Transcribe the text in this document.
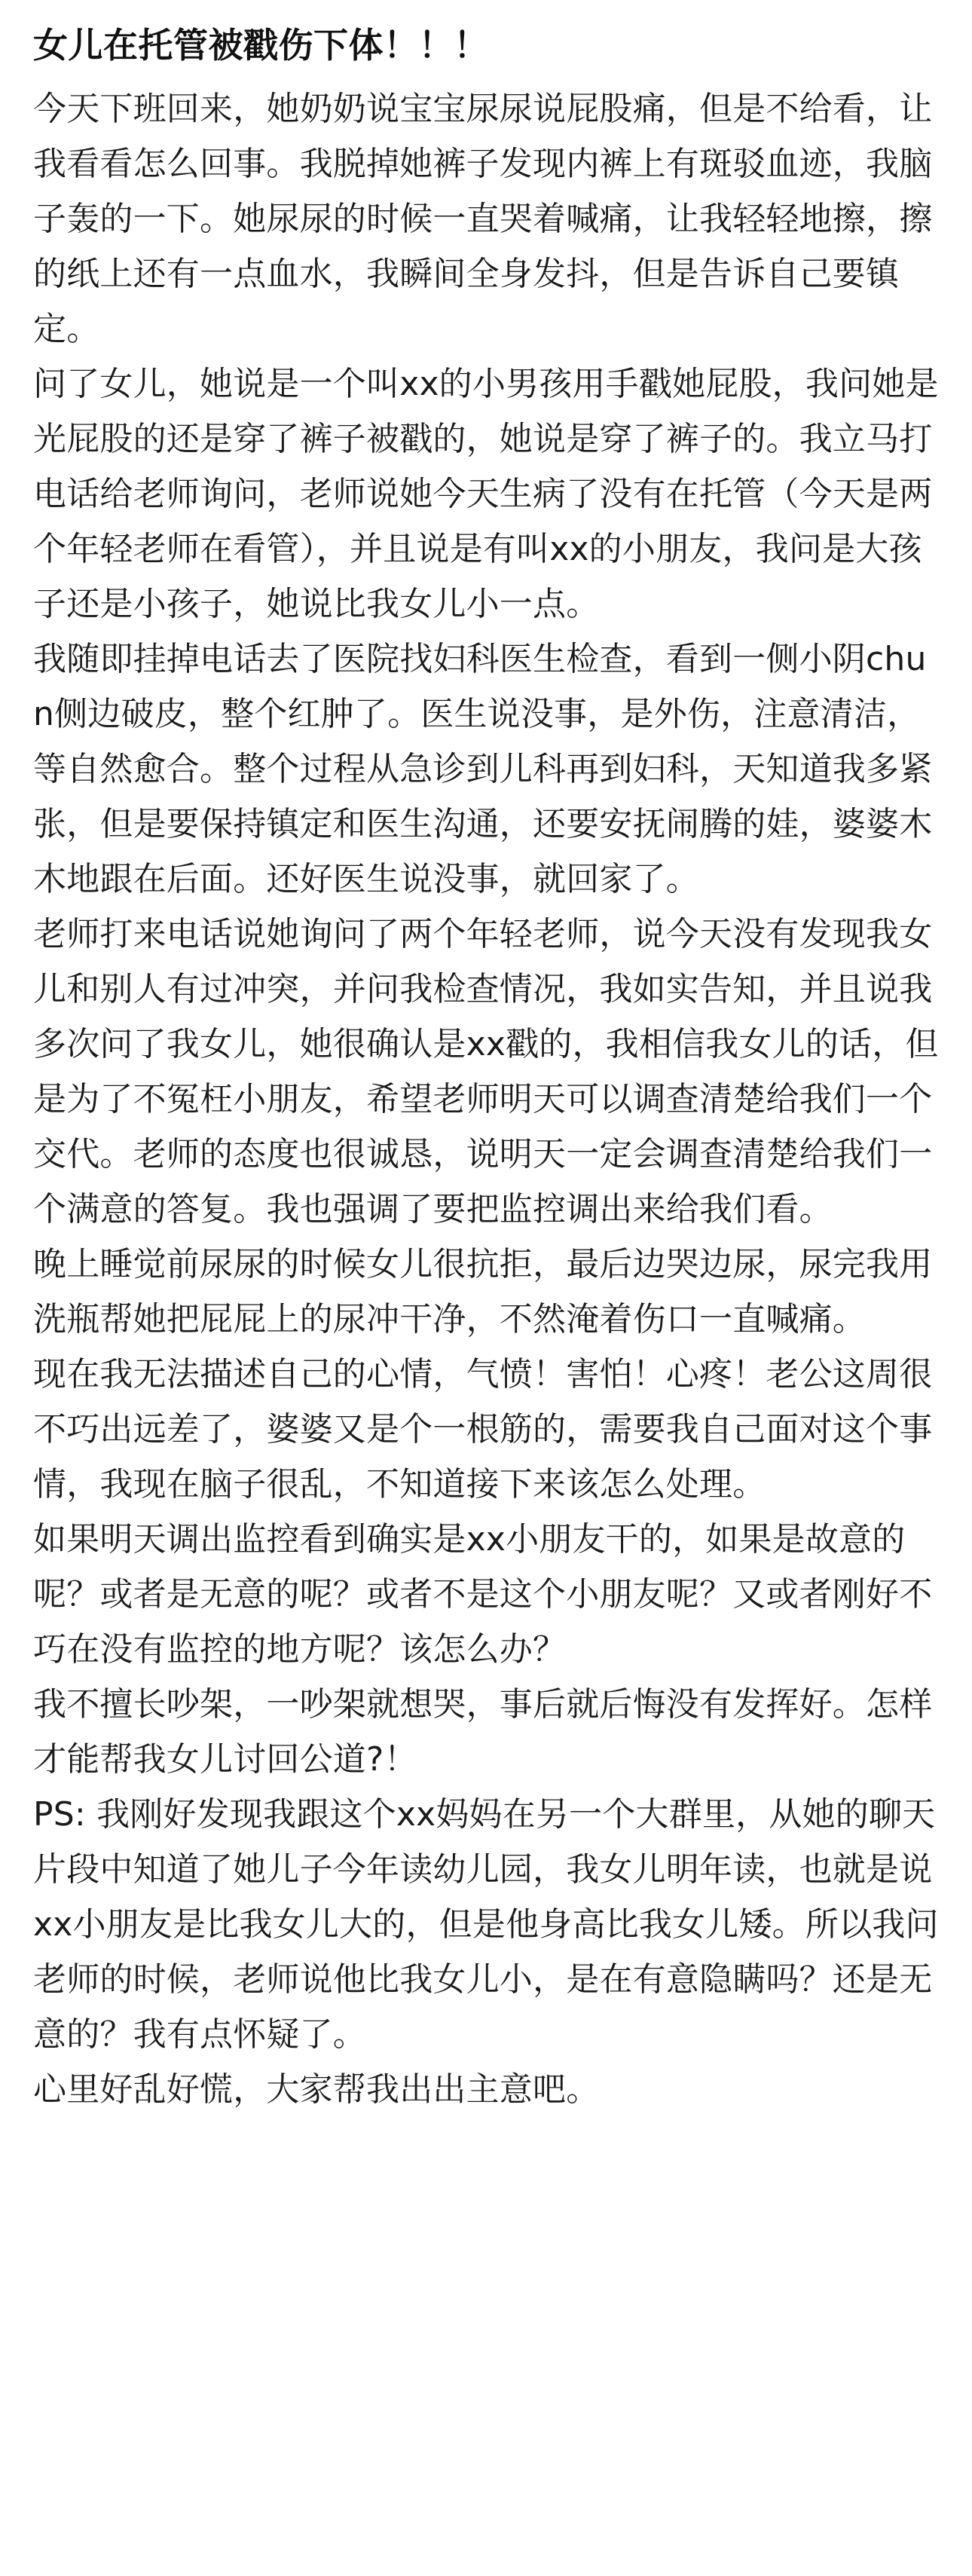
女儿在托管被戳伤下体！！！

今天下班回来，她奶奶说宝宝尿尿说屁股痛，但是不给看，让我看看怎么回事。我脱掉她裤子发现内裤上有斑驳血迹，我脑子轰的一下。她尿尿的时候一直哭着喊痛，让我轻轻地擦，擦的纸上还有一点血水，我瞬间全身发抖，但是告诉自己要镇定。

问了女儿，她说是一个叫xx的小男孩用手戳她屁股，我问她是光屁股的还是穿了裤子被戳的，她说是穿了裤子的。我立马打电话给老师询问，老师说她今天生病了没有在托管（今天是两个年轻老师在看管），并且说是有叫xx的小朋友，我问是大孩子还是小孩子，她说比我女儿小一点。

我随即挂掉电话去了医院找妇科医生检查，看到一侧小阴chun侧边破皮，整个红肿了。医生说没事，是外伤，注意清洁，等自然愈合。整个过程从急诊到儿科再到妇科，天知道我多紧张，但是要保持镇定和医生沟通，还要安抚闹腾的娃，婆婆木木地跟在后面。还好医生说没事，就回家了。

老师打来电话说她询问了两个年轻老师，说今天没有发现我女儿和别人有过冲突，并问我检查情况，我如实告知，并且说我多次问了我女儿，她很确认是xx戳的，我相信我女儿的话，但是为了不冤枉小朋友，希望老师明天可以调查清楚给我们一个交代。老师的态度也很诚恳，说明天一定会调查清楚给我们一个满意的答复。我也强调了要把监控调出来给我们看。

晚上睡觉前尿尿的时候女儿很抗拒，最后边哭边尿，尿完我用洗瓶帮她把屁屁上的尿冲干净，不然淹着伤口一直喊痛。

现在我无法描述自己的心情，气愤！害怕！心疼！老公这周很不巧出远差了，婆婆又是个一根筋的，需要我自己面对这个事情，我现在脑子很乱，不知道接下来该怎么处理。

如果明天调出监控看到确实是xx小朋友干的，如果是故意的呢？或者是无意的呢？或者不是这个小朋友呢？又或者刚好不巧在没有监控的地方呢？该怎么办？

我不擅长吵架，一吵架就想哭，事后就后悔没有发挥好。怎样才能帮我女儿讨回公道?！

PS: 我刚好发现我跟这个xx妈妈在另一个大群里，从她的聊天片段中知道了她儿子今年读幼儿园，我女儿明年读，也就是说xx小朋友是比我女儿大的，但是他身高比我女儿矮。所以我问老师的时候，老师说他比我女儿小，是在有意隐瞒吗？还是无意的？我有点怀疑了。

心里好乱好慌，大家帮我出出主意吧。
